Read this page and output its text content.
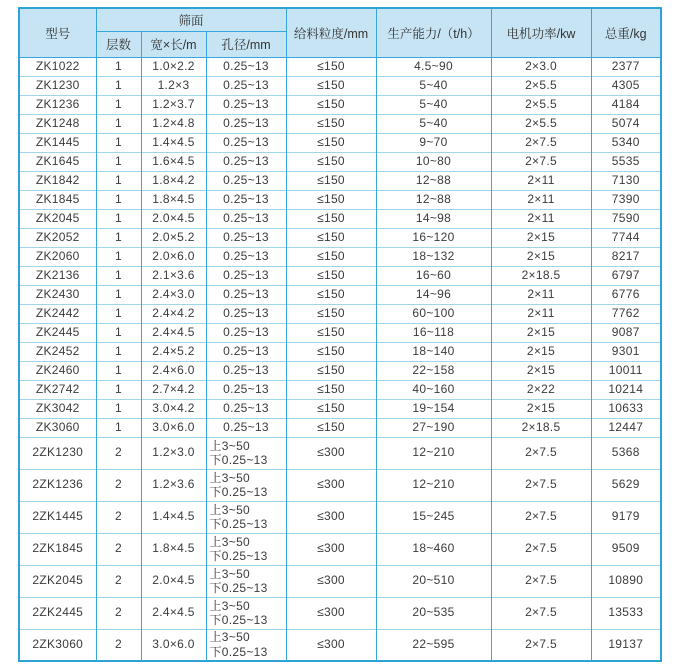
型号	筛面			给料粒度/mm	生产能力/（t/h）	电机功率/kw	总重/kg
	层数	宽×长/m	孔径/mm				
ZK1022	1	1.0×2.2	0.25~13	≤150	4.5~90	2×3.0	2377
ZK1230	1	1.2×3	0.25~13	≤150	5~40	2×5.5	4305
ZK1236	1	1.2×3.7	0.25~13	≤150	5~40	2×5.5	4184
ZK1248	1	1.2×4.8	0.25~13	≤150	5~40	2×5.5	5074
ZK1445	1	1.4×4.5	0.25~13	≤150	9~70	2×7.5	5340
ZK1645	1	1.6×4.5	0.25~13	≤150	10~80	2×7.5	5535
ZK1842	1	1.8×4.2	0.25~13	≤150	12~88	2×11	7130
ZK1845	1	1.8×4.5	0.25~13	≤150	12~88	2×11	7390
ZK2045	1	2.0×4.5	0.25~13	≤150	14~98	2×11	7590
ZK2052	1	2.0×5.2	0.25~13	≤150	16~120	2×15	7744
ZK2060	1	2.0×6.0	0.25~13	≤150	18~132	2×15	8217
ZK2136	1	2.1×3.6	0.25~13	≤150	16~60	2×18.5	6797
ZK2430	1	2.4×3.0	0.25~13	≤150	14~96	2×11	6776
ZK2442	1	2.4×4.2	0.25~13	≤150	60~100	2×11	7762
ZK2445	1	2.4×4.5	0.25~13	≤150	16~118	2×15	9087
ZK2452	1	2.4×5.2	0.25~13	≤150	18~140	2×15	9301
ZK2460	1	2.4×6.0	0.25~13	≤150	22~158	2×15	10011
ZK2742	1	2.7×4.2	0.25~13	≤150	40~160	2×22	10214
ZK3042	1	3.0×4.2	0.25~13	≤150	19~154	2×15	10633
ZK3060	1	3.0×6.0	0.25~13	≤150	27~190	2×18.5	12447
2ZK1230	2	1.2×3.0	上3~50
下0.25~13	≤300	12~210	2×7.5	5368
2ZK1236	2	1.2×3.6	上3~50
下0.25~13	≤300	12~210	2×7.5	5629
2ZK1445	2	1.4×4.5	上3~50
下0.25~13	≤300	15~245	2×7.5	9179
2ZK1845	2	1.8×4.5	上3~50
下0.25~13	≤300	18~460	2×7.5	9509
2ZK2045	2	2.0×4.5	上3~50
下0.25~13	≤300	20~510	2×7.5	10890
2ZK2445	2	2.4×4.5	上3~50
下0.25~13	≤300	20~535	2×7.5	13533
2ZK3060	2	3.0×6.0	上3~50
下0.25~13	≤300	22~595	2×7.5	19137
